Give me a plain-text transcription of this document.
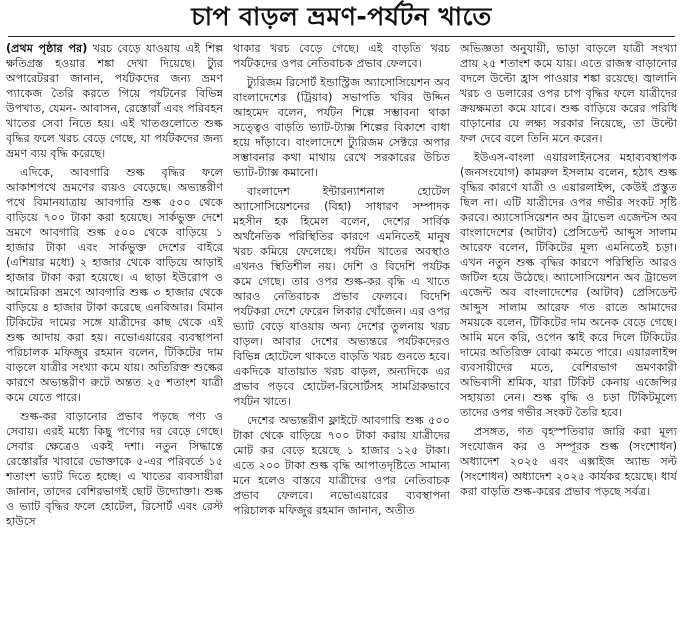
চাপ বাড়ল ভ্রমণ-পর্যটন খাতে

(প্রথম পৃষ্ঠার পর) খরচ বেড়ে যাওয়ায় এই শিল্প ক্ষতিগ্রস্ত হওয়ার শঙ্কা দেখা দিয়েছে। ট্যুর অপারেটররা জানান, পর্যটকদের জন্য ভ্রমণ প্যাকেজ তৈরি করতে গিয়ে পর্যটনের বিভিন্ন উপখাত, যেমন- আবাসন, রেস্তোরাঁ এবং পরিবহন খাতের সেবা নিতে হয়। এই খাতগুলোতে শুল্ক বৃদ্ধির ফলে খরচ বেড়ে গেছে, যা পর্যটকদের জন্য ভ্রমণ ব্যয় বৃদ্ধি করেছে।

এদিকে, আবগারি শুল্ক বৃদ্ধির ফলে আকাশপথে ভ্রমণের ব্যয়ও বেড়েছে। অভ্যন্তরীণ পথে বিমানযাত্রায় আবগারি শুল্ক ৫০০ থেকে বাড়িয়ে ৭০০ টাকা করা হয়েছে। সার্কভুক্ত দেশে ভ্রমণে আবগারি শুল্ক ৫০০ থেকে বাড়িয়ে ১ হাজার টাকা এবং সার্কভুক্ত দেশের বাইরে (এশিয়ার মধ্যে) ২ হাজার থেকে বাড়িয়ে আড়াই হাজার টাকা করা হয়েছে। এ ছাড়া ইউরোপ ও আমেরিকা ভ্রমণে আবগারি শুল্ক ৩ হাজার থেকে বাড়িয়ে ৪ হাজার টাকা করেছে এনবিআর। বিমান টিকিটের দামের সঙ্গে যাত্রীদের কাছ থেকে এই শুল্ক আদায় করা হয়। নভোএয়ারের ব্যবস্থাপনা পরিচালক মফিজুর রহমান বলেন, টিকিটের দাম বাড়লে যাত্রীর সংখ্যা কমে যায়। অতিরিক্ত শুল্কের কারণে অভ্যন্তরীণ রুটে অন্তত ২৫ শতাংশ যাত্রী কমে যেতে পারে।

শুল্ক-কর বাড়ানোর প্রভাব পড়ছে পণ্য ও সেবায়। এরই মধ্যে কিছু পণ্যের দর বেড়ে গেছে। সেবার ক্ষেত্রেও একই দশা। নতুন সিদ্ধান্তে রেস্তোরাঁর খাবারে ভোক্তাকে ৫-এর পরিবর্তে ১৫ শতাংশ ভ্যাট দিতে হচ্ছে। এ খাতের ব্যবসায়ীরা জানান, তাদের বেশিরভাগই ছোট উদ্যোক্তা। শুল্ক ও ভ্যাট বৃদ্ধির ফলে হোটেল, রিসোর্ট এবং রেস্ট হাউসে

থাকার খরচ বেড়ে গেছে। এই বাড়তি খরচ পর্যটকদের ওপর নেতিবাচক প্রভাব ফেলবে।

ট্যুরিজম রিসোর্ট ইন্ডাস্ট্রিজ অ্যাসোসিয়েশন অব বাংলাদেশের (ট্রিয়াব) সভাপতি খবির উদ্দিন আহমেদ বলেন, পর্যটন শিল্পে সম্ভাবনা থাকা সত্ত্বেও বাড়তি ভ্যাট-ট্যাক্স শিল্পের বিকাশে বাধা হয়ে দাঁড়াবে। বাংলাদেশে ট্যুরিজম সেক্টরে অপার সম্ভাবনার কথা মাথায় রেখে সরকারের উচিত ভ্যাট-ট্যাক্স কমানো।

বাংলাদেশ ইন্টারন্যাশনাল হোটেল অ্যাসোসিয়েশনের (বিহা) সাধারণ সম্পাদক মহসীন হক হিমেল বলেন, দেশের সার্বিক অর্থনৈতিক পরিস্থিতির কারণে এমনিতেই মানুষ খরচ কমিয়ে ফেলেছে। পর্যটন খাতের অবস্থাও এখনও স্থিতিশীল নয়। দেশি ও বিদেশি পর্যটক কমে গেছে। তার ওপর শুল্ক-কর বৃদ্ধি এ খাতে আরও নেতিবাচক প্রভাব ফেলবে। বিদেশি পর্যটকরা দেশে ফেরেন লিকার খোঁজেন। এর ওপর ভ্যাট বেড়ে যাওয়ায় অন্য দেশের তুলনায় খরচ বাড়ল। আবার দেশের অভ্যন্তরে পর্যটকদেরও বিভিন্ন হোটেলে থাকতে বাড়তি খরচ গুনতে হবে। একদিকে যাতায়াত খরচ বাড়ল, অন্যদিকে এর প্রভাব পড়বে হোটেল-রিসোর্টসহ সামগ্রিকভাবে পর্যটন খাতে।

দেশের অভ্যন্তরীণ ফ্লাইটে আবগারি শুল্ক ৫০০ টাকা থেকে বাড়িয়ে ৭০০ টাকা করায় যাত্রীদের মোট কর বেড়ে হয়েছে ১ হাজার ১২৫ টাকা। এতে ২০০ টাকা শুল্ক বৃদ্ধি আপাতদৃষ্টিতে সামান্য মনে হলেও বাস্তবে যাত্রীদের ওপর নেতিবাচক প্রভাব ফেলবে। নভোএয়ারের ব্যবস্থাপনা পরিচালক মফিজুর রহমান জানান, অতীত

অভিজ্ঞতা অনুযায়ী, ভাড়া বাড়লে যাত্রী সংখ্যা প্রায় ২৫ শতাংশ কমে যায়। এতে রাজস্ব বাড়ানোর বদলে উল্টো হ্রাস পাওয়ার শঙ্কা রয়েছে। জ্বালানি খরচ ও ডলারের ওপর চাপ বৃদ্ধির ফলে যাত্রীদের ক্রয়ক্ষমতা কমে যাবে। শুল্ক বাড়িয়ে করের পরিধি বাড়ানোর যে লক্ষ্য সরকার নিয়েছে, তা উল্টো ফল দেবে বলে তিনি মনে করেন।

ইউএস-বাংলা এয়ারলাইনসের মহাব্যবস্থাপক (জনসংযোগ) কামরুল ইসলাম বলেন, হঠাৎ শুল্ক বৃদ্ধির কারণে যাত্রী ও এয়ারলাইন্স, কেউই প্রস্তুত ছিল না। এটি যাত্রীদের ওপর গভীর সংকট সৃষ্টি করবে। অ্যাসোসিয়েশন অব ট্রাভেল এজেন্টস অব বাংলাদেশের (আটাব) প্রেসিডেন্ট আব্দুস সালাম আরেফ বলেন, টিকিটের মূল্য এমনিতেই চড়া। এখন নতুন শুল্ক বৃদ্ধির কারণে পরিস্থিতি আরও জটিল হয়ে উঠেছে। অ্যাসোসিয়েশন অব ট্রাভেল এজেন্ট অব বাংলাদেশের (আটাব) প্রেসিডেন্ট আব্দুস সালাম আরেফ গত রাতে আমাদের সময়কে বলেন, টিকিটের দাম অনেক বেড়ে গেছে। আমি মনে করি, ওপেন স্কাই করে দিলে টিকিটের দামের অতিরিক্ত বোঝা কমতে পারে। এয়ারলাইন্স ব্যবসায়ীদের মতে, বেশিরভাগ ভ্রমণকারী অভিবাসী শ্রমিক, যারা টিকিট কেনায় এজেন্সির সহায়তা নেন। শুল্ক বৃদ্ধি ও চড়া টিকিটমূল্যে তাদের ওপর গভীর সংকট তৈরি হবে।

প্রসঙ্গত, গত বৃহস্পতিবার জারি করা মূল্য সংযোজন কর ও সম্পূরক শুল্ক (সংশোধন) অধ্যাদেশ ২০২৫ এবং এক্সাইজ অ্যান্ড সল্ট (সংশোধন) অধ্যাদেশ ২০২৫ কার্যকর হয়েছে। ধার্য করা বাড়তি শুল্ক-করের প্রভাব পড়ছে সর্বত্র।
